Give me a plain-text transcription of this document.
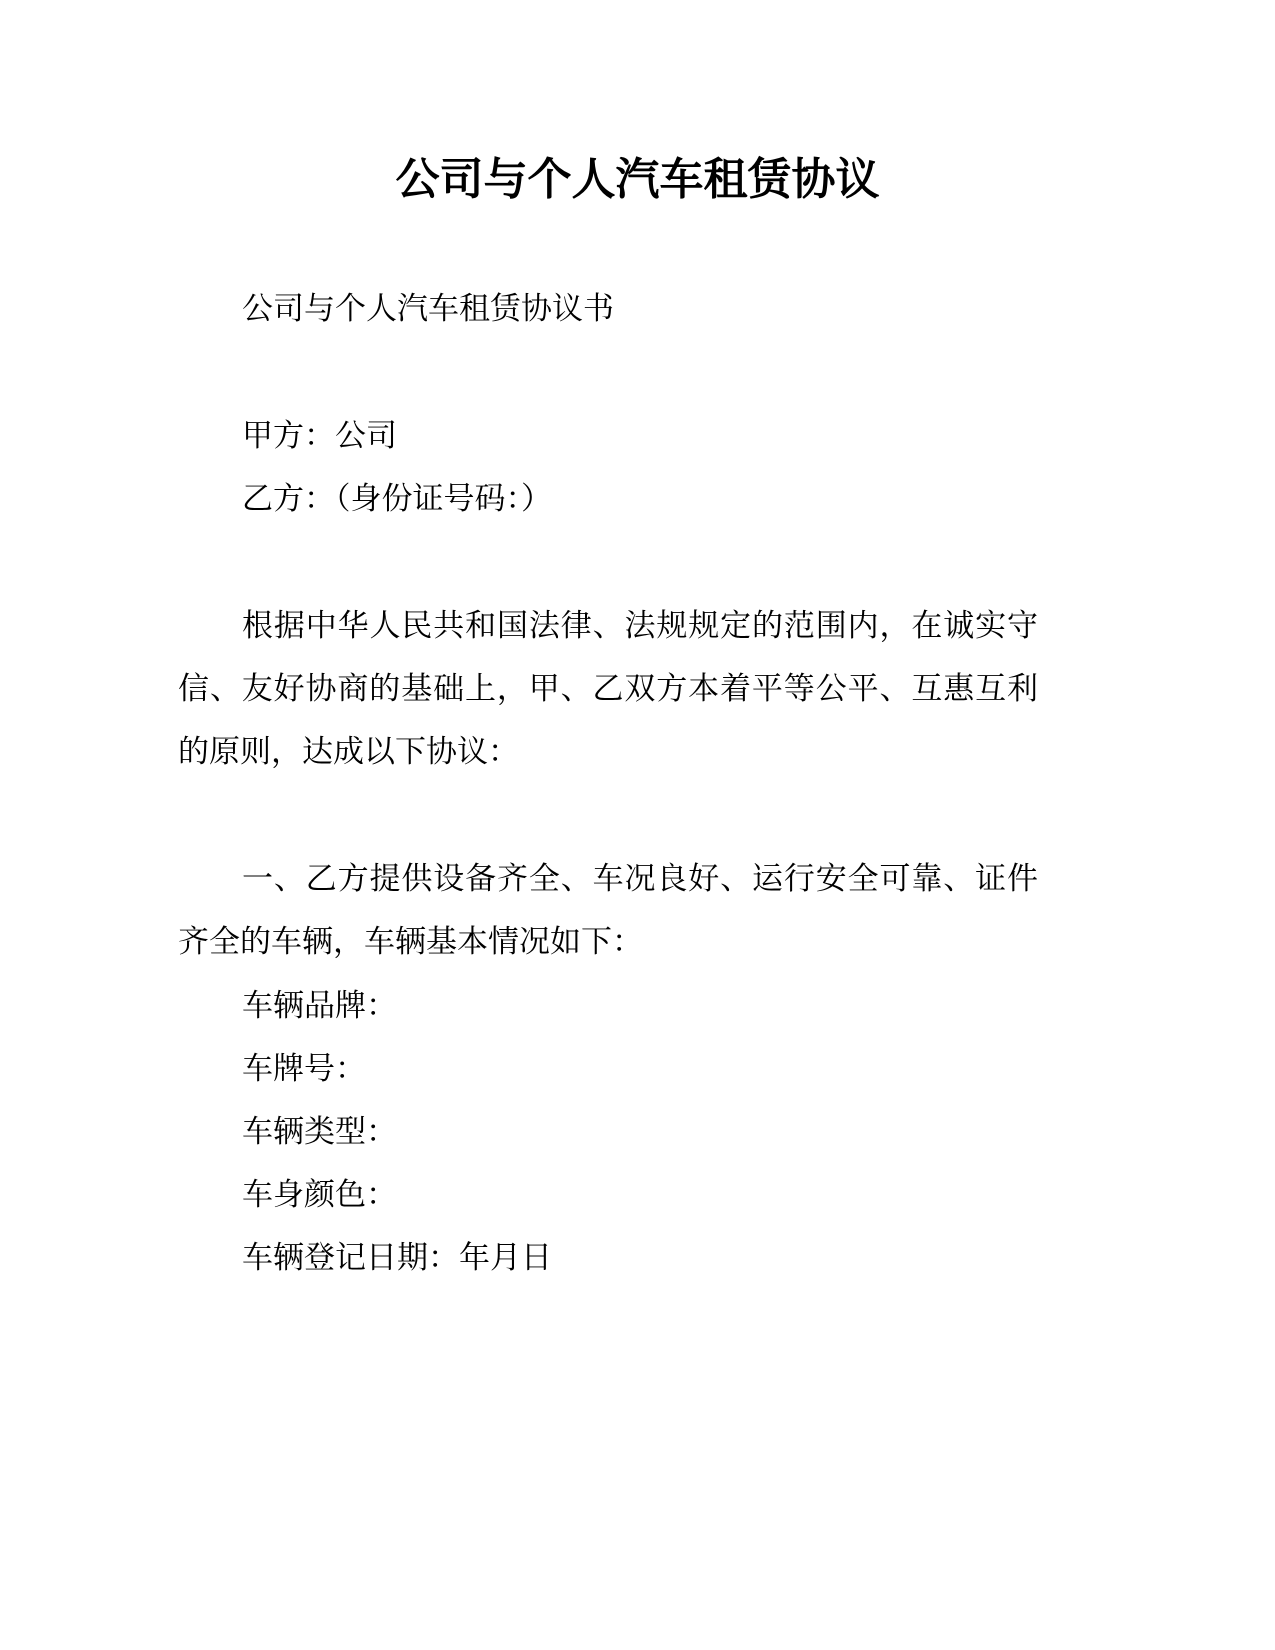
公司与个人汽车租赁协议
公司与个人汽车租赁协议书
甲方：公司
乙方：（身份证号码：）
根据中华人民共和国法律、法规规定的范围内，在诚实守信、友好协商的基础上，甲、乙双方本着平等公平、互惠互利的原则，达成以下协议：
一、乙方提供设备齐全、车况良好、运行安全可靠、证件齐全的车辆，车辆基本情况如下：
车辆品牌：
车牌号：
车辆类型：
车身颜色：
车辆登记日期：年月日
